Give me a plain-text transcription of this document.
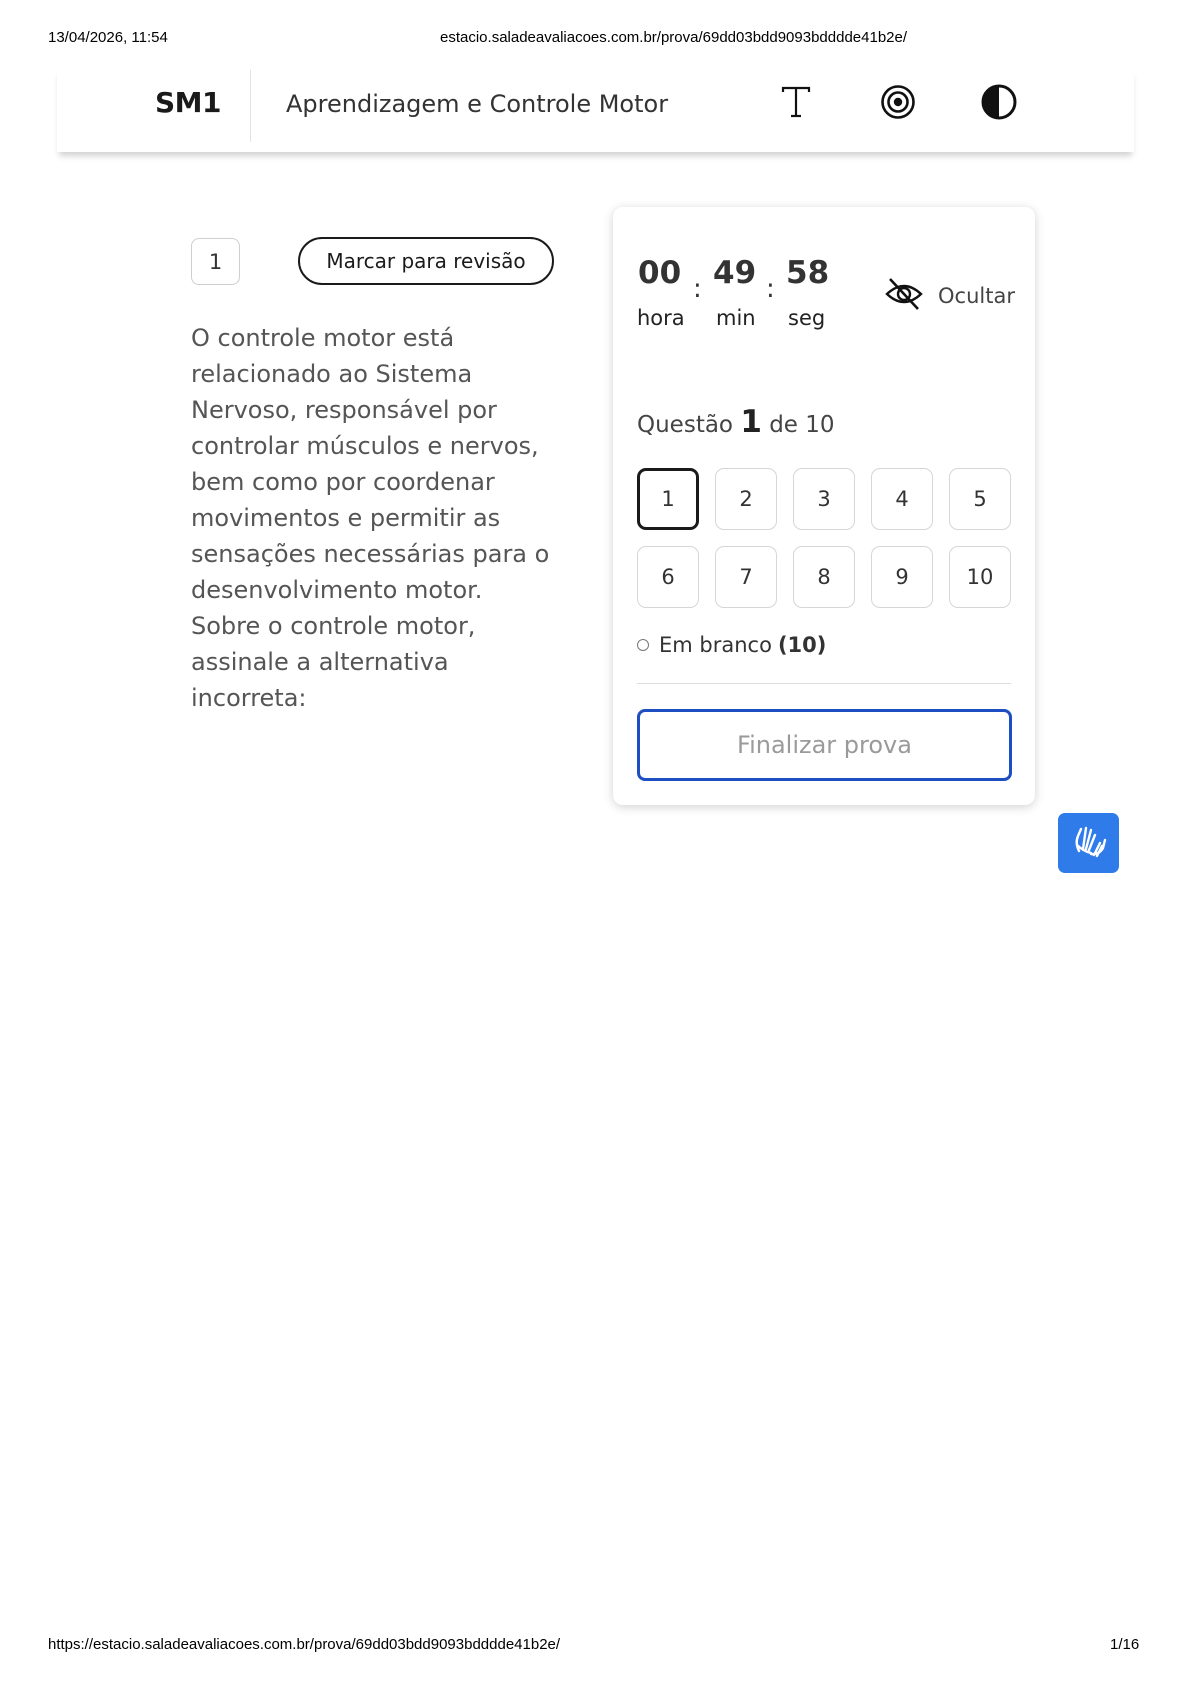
13/04/2026, 11:54	estacio.saladeavaliacoes.com.br/prova/69dd03bdd9093bdddde41b2e/
https://estacio.saladeavaliacoes.com.br/prova/69dd03bdd9093bdddde41b2e/	1/16
SM1	Aprendizagem e Controle Motor
1	Marcar para revisão

O controle motor está relacionado ao Sistema Nervoso, responsável por controlar músculos e nervos, bem como por coordenar movimentos e permitir as sensações necessárias para o desenvolvimento motor. Sobre o controle motor, assinale a alternativa incorreta:

00 : 49 : 58
hora min seg
Ocultar
Questão 1 de 10
1	2	3	4	5
6	7	8	9	10
Em branco (10)
Finalizar prova
